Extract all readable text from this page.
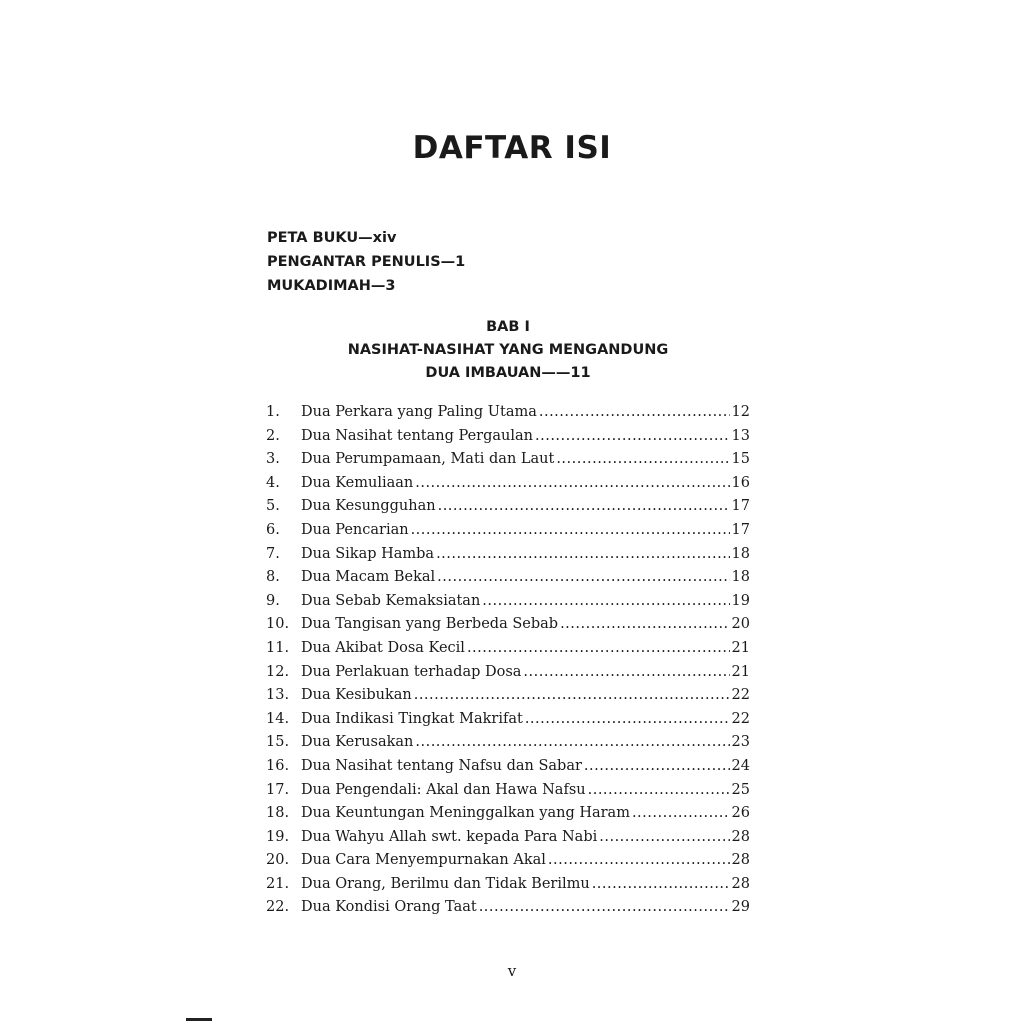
DAFTAR ISI
PETA BUKU—xiv
PENGANTAR PENULIS—1
MUKADIMAH—3
BAB I
NASIHAT-NASIHAT YANG MENGANDUNG
DUA IMBAUAN——11
1.	Dua Perkara yang Paling Utama .....	12
2.	Dua Nasihat tentang Pergaulan .....	13
3.	Dua Perumpamaan, Mati dan Laut .....	15
4.	Dua Kemuliaan .....	16
5.	Dua Kesungguhan .....	17
6.	Dua Pencarian .....	17
7.	Dua Sikap Hamba .....	18
8.	Dua Macam Bekal .....	18
9.	Dua Sebab Kemaksiatan .....	19
10. Dua Tangisan yang Berbeda Sebab .....	20
11. Dua Akibat Dosa Kecil .....	21
12. Dua Perlakuan terhadap Dosa .....	21
13. Dua Kesibukan .....	22
14. Dua Indikasi Tingkat Makrifat .....	22
15. Dua Kerusakan .....	23
16. Dua Nasihat tentang Nafsu dan Sabar .....	24
17. Dua Pengendali: Akal dan Hawa Nafsu .....	25
18. Dua Keuntungan Meninggalkan yang Haram .....	26
19. Dua Wahyu Allah swt. kepada Para Nabi .....	28
20. Dua Cara Menyempurnakan Akal .....	28
21. Dua Orang, Berilmu dan Tidak Berilmu .....	28
22. Dua Kondisi Orang Taat .....	29
v
